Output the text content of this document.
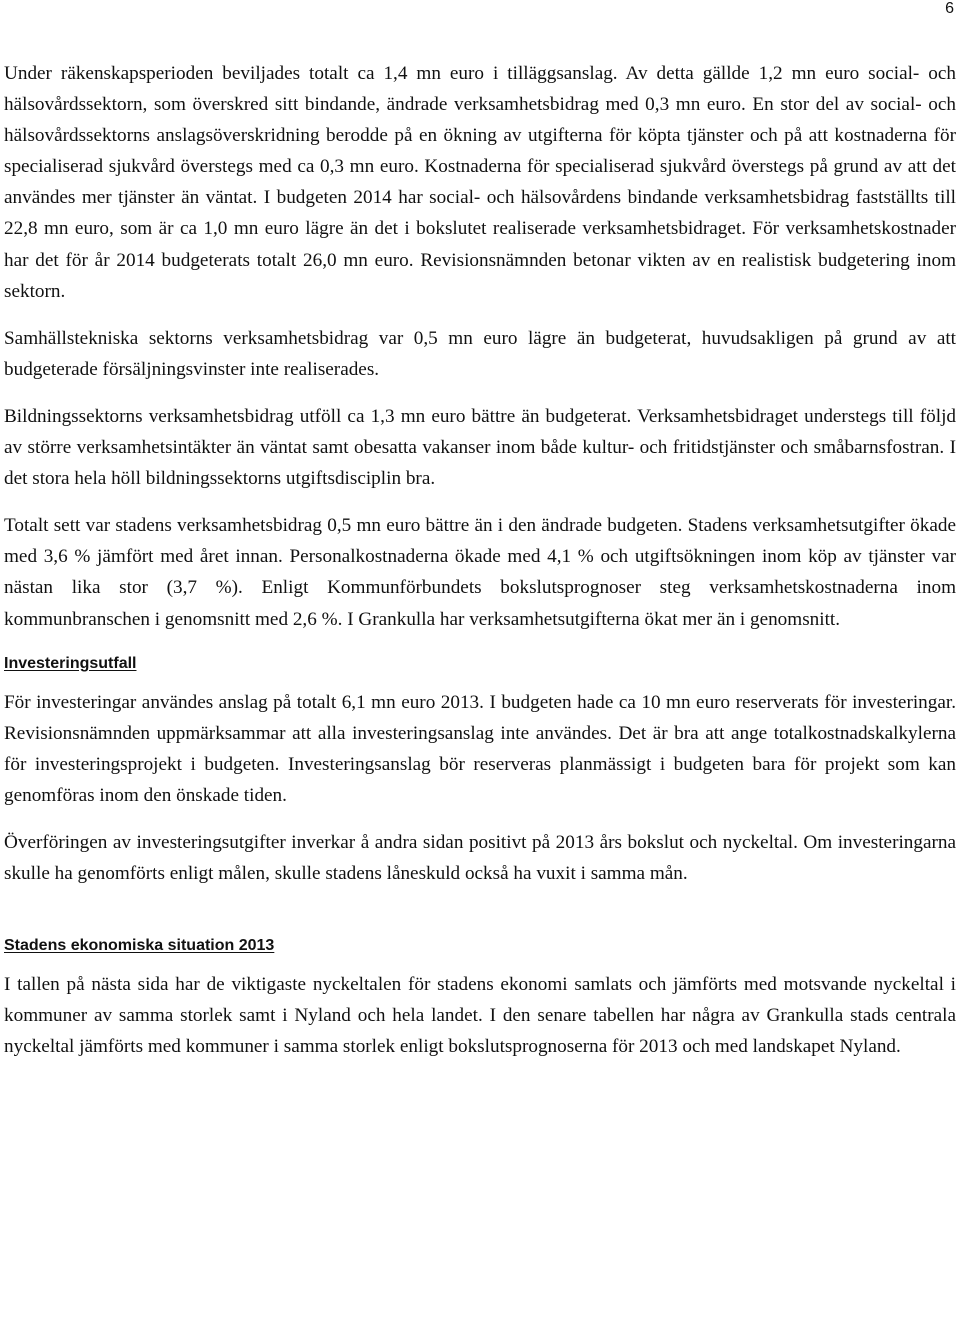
6

Under räkenskapsperioden beviljades totalt ca 1,4 mn euro i tilläggsanslag. Av detta gällde 1,2 mn euro social- och hälsovårdssektorn, som överskred sitt bindande, ändrade verksamhetsbidrag med 0,3 mn euro. En stor del av social- och hälsovårdssektorns anslagsöverskridning berodde på en ökning av utgifterna för köpta tjänster och på att kostnaderna för specialiserad sjukvård överstegs med ca 0,3 mn euro. Kostnaderna för specialiserad sjukvård överstegs på grund av att det användes mer tjänster än väntat. I budgeten 2014 har social- och hälsovårdens bindande verksamhetsbidrag fastställts till 22,8 mn euro, som är ca 1,0 mn euro lägre än det i bokslutet realiserade verksamhetsbidraget. För verksamhetskostnader har det för år 2014 budgeterats totalt 26,0 mn euro. Revisionsnämnden betonar vikten av en realistisk budgetering inom sektorn.

Samhällstekniska sektorns verksamhetsbidrag var 0,5 mn euro lägre än budgeterat, huvudsakligen på grund av att budgeterade försäljningsvinster inte realiserades.

Bildningssektorns verksamhetsbidrag utföll ca 1,3 mn euro bättre än budgeterat. Verksamhetsbidraget understegs till följd av större verksamhetsintäkter än väntat samt obesatta vakanser inom både kultur- och fritidstjänster och småbarnsfostran. I det stora hela höll bildningssektorns utgiftsdisciplin bra.

Totalt sett var stadens verksamhetsbidrag 0,5 mn euro bättre än i den ändrade budgeten. Stadens verksamhetsutgifter ökade med 3,6 % jämfört med året innan. Personalkostnaderna ökade med 4,1 % och utgiftsökningen inom köp av tjänster var nästan lika stor (3,7 %). Enligt Kommunförbundets bokslutsprognoser steg verksamhetskostnaderna inom kommunbranschen i genomsnitt med 2,6 %. I Grankulla har verksamhetsutgifterna ökat mer än i genomsnitt.

Investeringsutfall

För investeringar användes anslag på totalt 6,1 mn euro 2013. I budgeten hade ca 10 mn euro reserverats för investeringar. Revisionsnämnden uppmärksammar att alla investeringsanslag inte användes. Det är bra att ange totalkostnadskalkylerna för investeringsprojekt i budgeten. Investeringsanslag bör reserveras planmässigt i budgeten bara för projekt som kan genomföras inom den önskade tiden.

Överföringen av investeringsutgifter inverkar å andra sidan positivt på 2013 års bokslut och nyckeltal. Om investeringarna skulle ha genomförts enligt målen, skulle stadens låneskuld också ha vuxit i samma mån.

Stadens ekonomiska situation 2013

I tallen på nästa sida har de viktigaste nyckeltalen för stadens ekonomi samlats och jämförts med motsvande nyckeltal i kommuner av samma storlek samt i Nyland och hela landet. I den senare tabellen har några av Grankulla stads centrala nyckeltal jämförts med kommuner i samma storlek enligt bokslutsprognoserna för 2013 och med landskapet Nyland.
